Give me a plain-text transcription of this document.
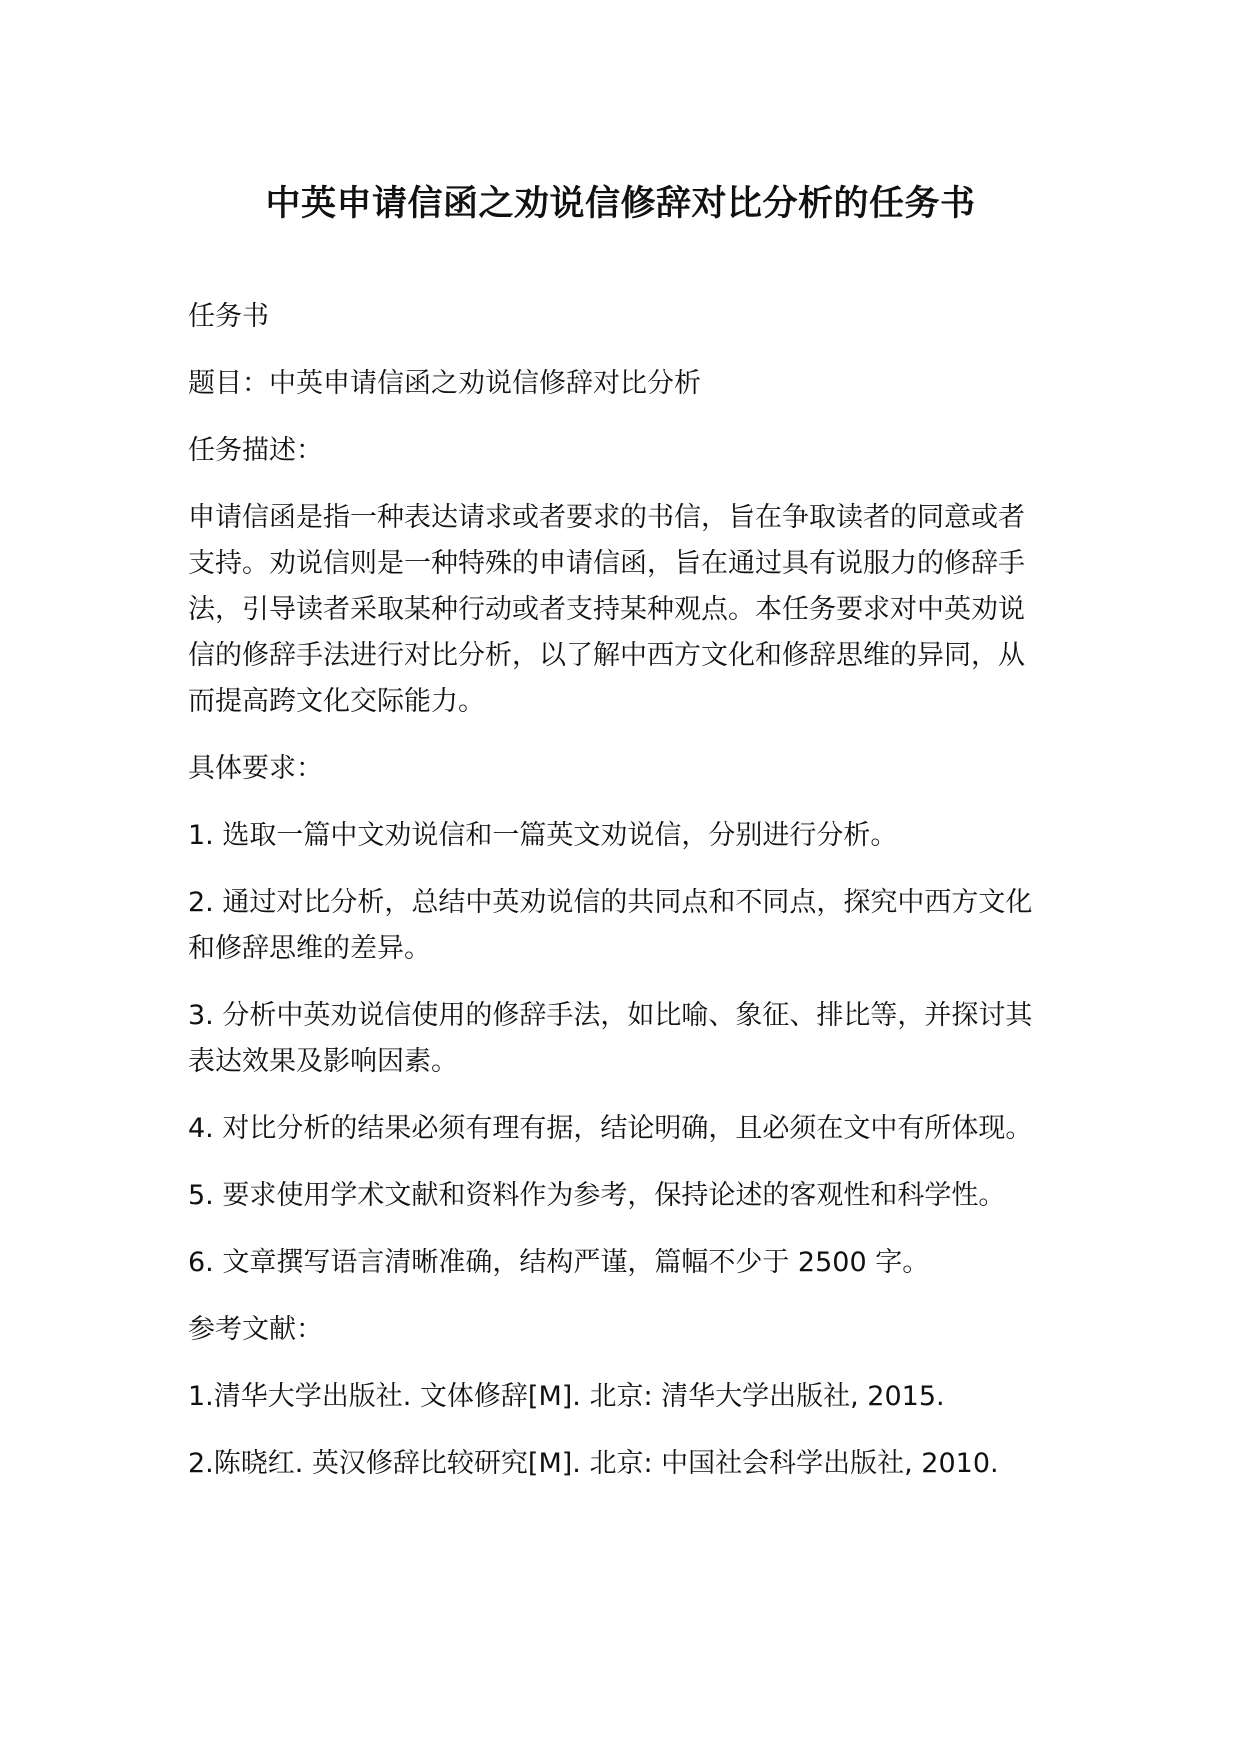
中英申请信函之劝说信修辞对比分析的任务书

任务书

题目：中英申请信函之劝说信修辞对比分析

任务描述：

申请信函是指一种表达请求或者要求的书信，旨在争取读者的同意或者支持。劝说信则是一种特殊的申请信函，旨在通过具有说服力的修辞手法，引导读者采取某种行动或者支持某种观点。本任务要求对中英劝说信的修辞手法进行对比分析，以了解中西方文化和修辞思维的异同，从而提高跨文化交际能力。

具体要求：

1. 选取一篇中文劝说信和一篇英文劝说信，分别进行分析。

2. 通过对比分析，总结中英劝说信的共同点和不同点，探究中西方文化和修辞思维的差异。

3. 分析中英劝说信使用的修辞手法，如比喻、象征、排比等，并探讨其表达效果及影响因素。

4. 对比分析的结果必须有理有据，结论明确，且必须在文中有所体现。

5. 要求使用学术文献和资料作为参考，保持论述的客观性和科学性。

6. 文章撰写语言清晰准确，结构严谨，篇幅不少于 2500 字。

参考文献：

1.清华大学出版社. 文体修辞[M]. 北京: 清华大学出版社, 2015.

2.陈晓红. 英汉修辞比较研究[M]. 北京: 中国社会科学出版社, 2010.
